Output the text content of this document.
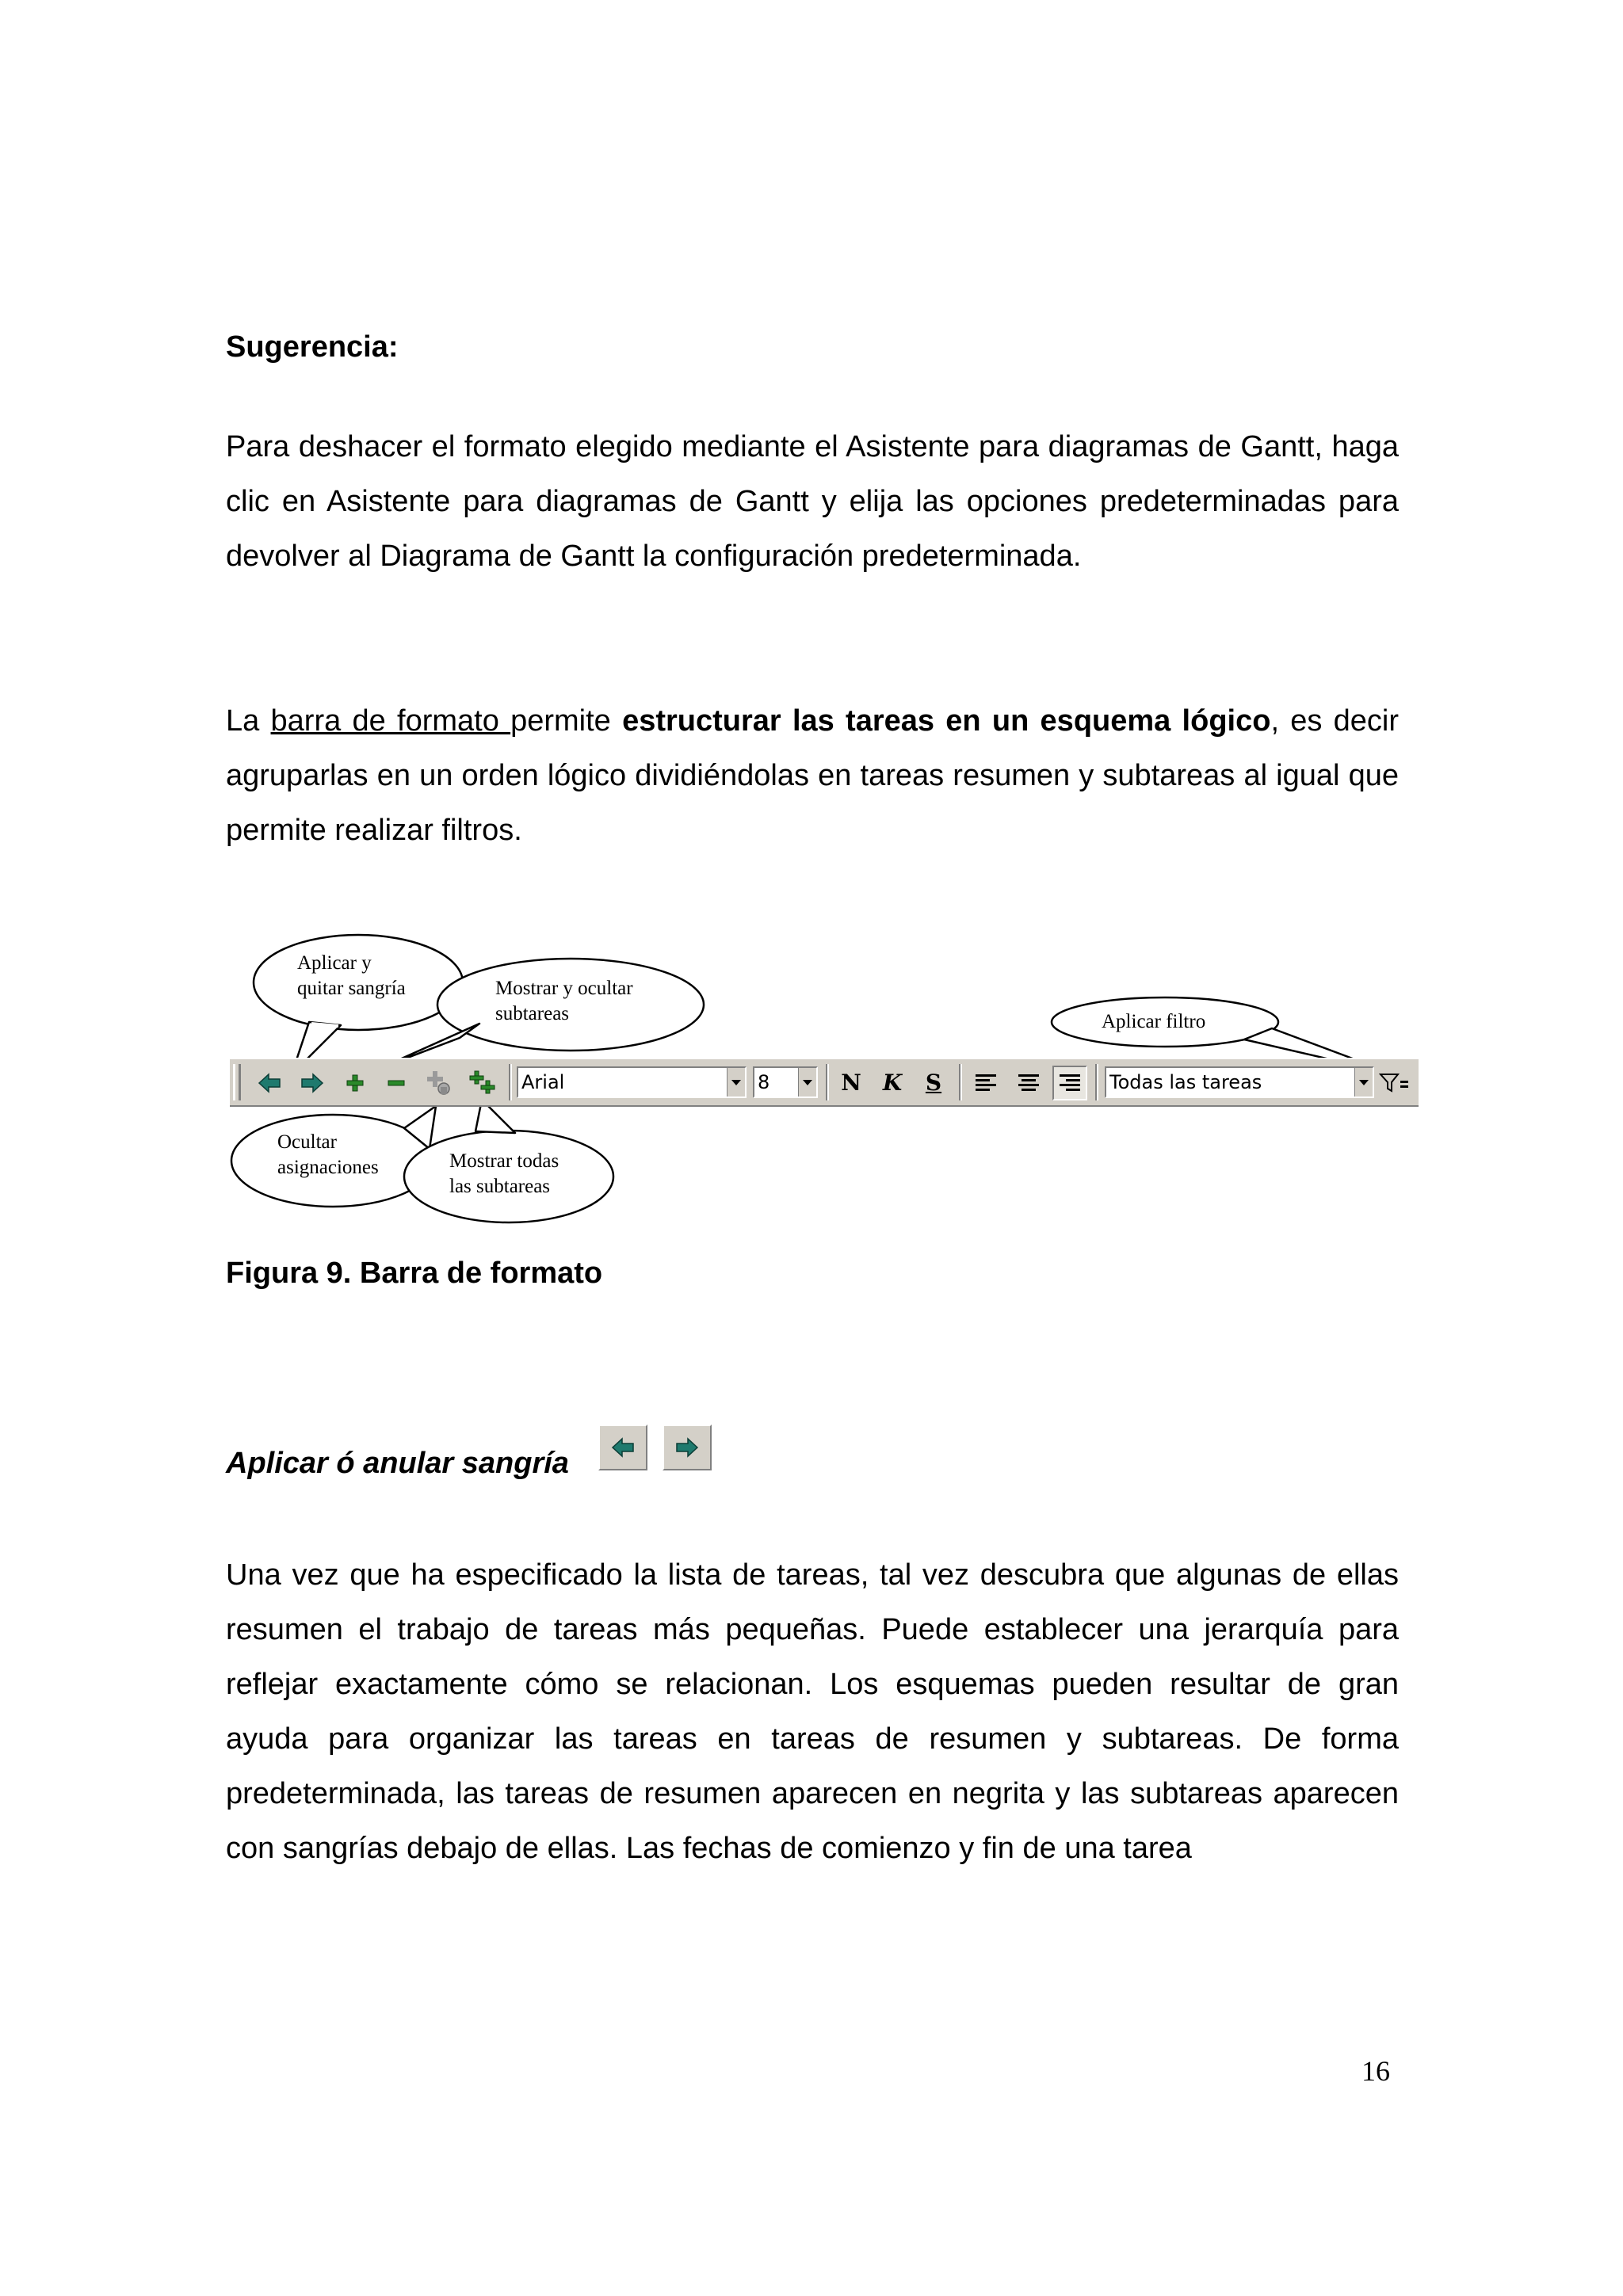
Sugerencia:

Para deshacer el formato elegido mediante el Asistente para diagramas de Gantt, haga clic en Asistente para diagramas de Gantt y elija las opciones predeterminadas para devolver al Diagrama de Gantt la configuración predeterminada.

La barra de formato permite estructurar las tareas en un esquema lógico, es decir agruparlas en un orden lógico dividiéndolas en tareas resumen y subtareas al igual que permite realizar filtros.

Aplicar y
quitar sangría	Mostrar y ocultar
subtareas	Aplicar filtro
Ocultar
asignaciones	Mostrar todas
las subtareas
Arial	8	N K S	Todas las tareas
Figura 9. Barra de formato
Aplicar ó anular sangría

Una vez que ha especificado la lista de tareas, tal vez descubra que algunas de ellas resumen el trabajo de tareas más pequeñas. Puede establecer una jerarquía para reflejar exactamente cómo se relacionan. Los esquemas pueden resultar de gran ayuda para organizar las tareas en tareas de resumen y subtareas. De forma predeterminada, las tareas de resumen aparecen en negrita y las subtareas aparecen con sangrías debajo de ellas. Las fechas de comienzo y fin de una tarea

16
